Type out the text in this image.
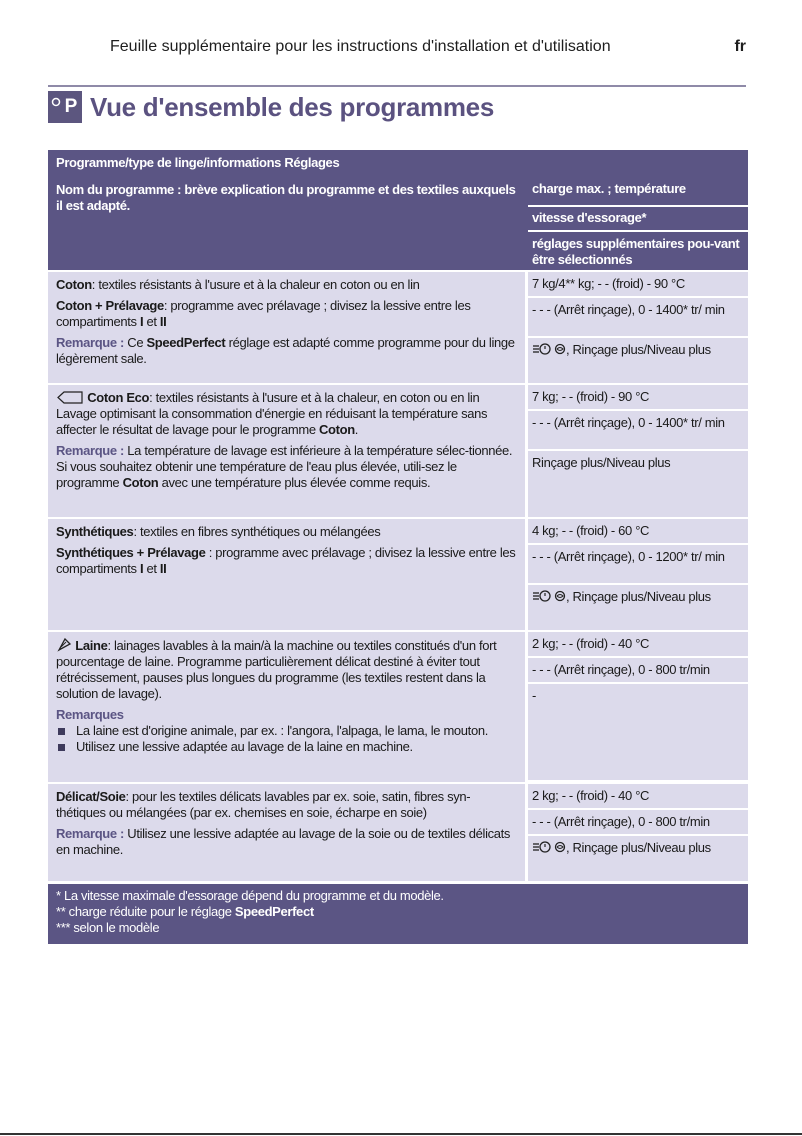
Feuille supplémentaire pour les instructions d'installation et d'utilisation	fr
P Vue d'ensemble des programmes
Programme/type de linge/informations Réglages
Nom du programme : brève explication du programme et des textiles auxquels il est adapté.
charge max. ; température
vitesse d'essorage*
réglages supplémentaires pou-vant être sélectionnés

Coton: textiles résistants à l'usure et à la chaleur en coton ou en lin

Coton + Prélavage: programme avec prélavage ; divisez la lessive entre les compartiments I et II

Remarque : Ce SpeedPerfect réglage est adapté comme programme pour du linge légèrement sale.

7 kg/4** kg; - - (froid) - 90 °C
- - - (Arrêt rinçage), 0 - 1400* tr/ min
, Rinçage plus/Niveau plus

Coton Eco: textiles résistants à l'usure et à la chaleur, en coton ou en lin

Lavage optimisant la consommation d'énergie en réduisant la température sans affecter le résultat de lavage pour le programme Coton.

Remarque : La température de lavage est inférieure à la température sélec-tionnée. Si vous souhaitez obtenir une température de l'eau plus élevée, utili-sez le programme Coton avec une température plus élevée comme requis.

7 kg; - - (froid) - 90 °C
- - - (Arrêt rinçage), 0 - 1400* tr/ min
Rinçage plus/Niveau plus

Synthétiques: textiles en fibres synthétiques ou mélangées

Synthétiques + Prélavage : programme avec prélavage ; divisez la lessive entre les compartiments I et II

4 kg; - - (froid) - 60 °C
- - - (Arrêt rinçage), 0 - 1200* tr/ min
, Rinçage plus/Niveau plus

Laine: lainages lavables à la main/à la machine ou textiles constitués d'un fort pourcentage de laine. Programme particulièrement délicat destiné à éviter tout rétrécissement, pauses plus longues du programme (les textiles restent dans la solution de lavage).

Remarques

La laine est d'origine animale, par ex. : l'angora, l'alpaga, le lama, le mouton.
Utilisez une lessive adaptée au lavage de la laine en machine.
2 kg; - - (froid) - 40 °C
- - - (Arrêt rinçage), 0 - 800 tr/min
-

Délicat/Soie: pour les textiles délicats lavables par ex. soie, satin, fibres syn-thétiques ou mélangées (par ex. chemises en soie, écharpe en soie)

Remarque : Utilisez une lessive adaptée au lavage de la soie ou de textiles délicats en machine.

2 kg; - - (froid) - 40 °C
- - - (Arrêt rinçage), 0 - 800 tr/min
, Rinçage plus/Niveau plus

* La vitesse maximale d'essorage dépend du programme et du modèle.

** charge réduite pour le réglage SpeedPerfect

*** selon le modèle
